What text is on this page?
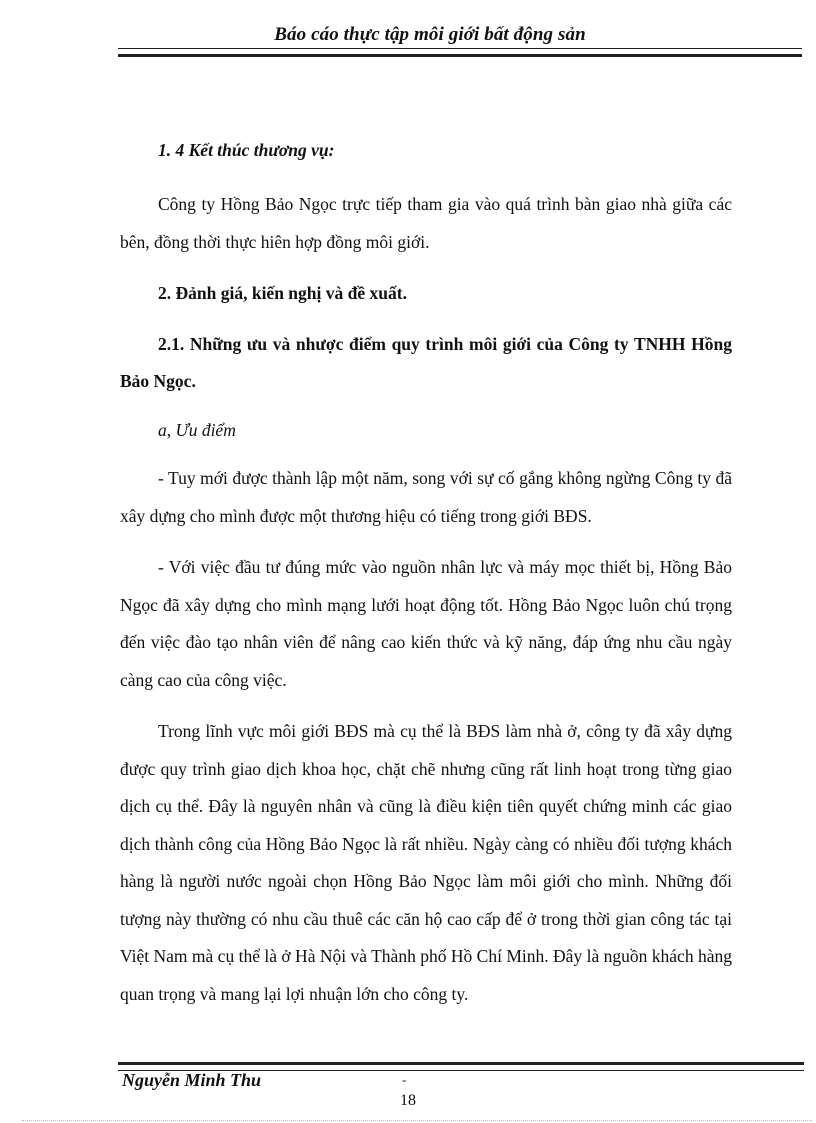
Báo cáo thực tập môi giới bất động sản
1. 4 Kết thúc thương vụ:
Công ty Hồng Bảo Ngọc trực tiếp tham gia vào quá trình bàn giao nhà giữa các bên, đồng thời thực hiên hợp đồng môi giới.
2. Đảnh giá, kiến nghị và đề xuất.
2.1. Những ưu và nhược điểm quy trình môi giới của Công ty TNHH Hồng Bảo Ngọc.
a, Ưu điểm
- Tuy mới được thành lập một năm, song với sự cố gắng không ngừng Công ty đã xây dựng cho mình được một thương hiệu có tiếng trong giới BĐS.
- Với việc đầu tư đúng mức vào nguồn nhân lực và máy mọc thiết bị, Hồng Bảo Ngọc đã xây dựng cho mình mạng lưới hoạt động tốt. Hồng Bảo Ngọc luôn chú trọng đến việc đào tạo nhân viên để nâng cao kiến thức và kỹ năng, đáp ứng nhu cầu ngày càng cao của công việc.
Trong lĩnh vực môi giới BĐS mà cụ thể là BĐS làm nhà ở, công ty đã xây dựng được quy trình giao dịch khoa học, chặt chẽ nhưng cũng rất linh hoạt trong từng giao dịch cụ thể. Đây là nguyên nhân và cũng là điều kiện tiên quyết chứng minh các giao dịch thành công của Hồng Bảo Ngọc là rất nhiều. Ngày càng có nhiều đối tượng khách hàng là người nước ngoài chọn Hồng Bảo Ngọc làm môi giới cho mình. Những đối tượng này thường có nhu cầu thuê các căn hộ cao cấp để ở trong thời gian công tác tại Việt Nam mà cụ thể là ở Hà Nội và Thành phố Hồ Chí Minh. Đây là nguồn khách hàng quan trọng và mang lại lợi nhuận lớn cho công ty.
Nguyễn Minh Thu	-
18
